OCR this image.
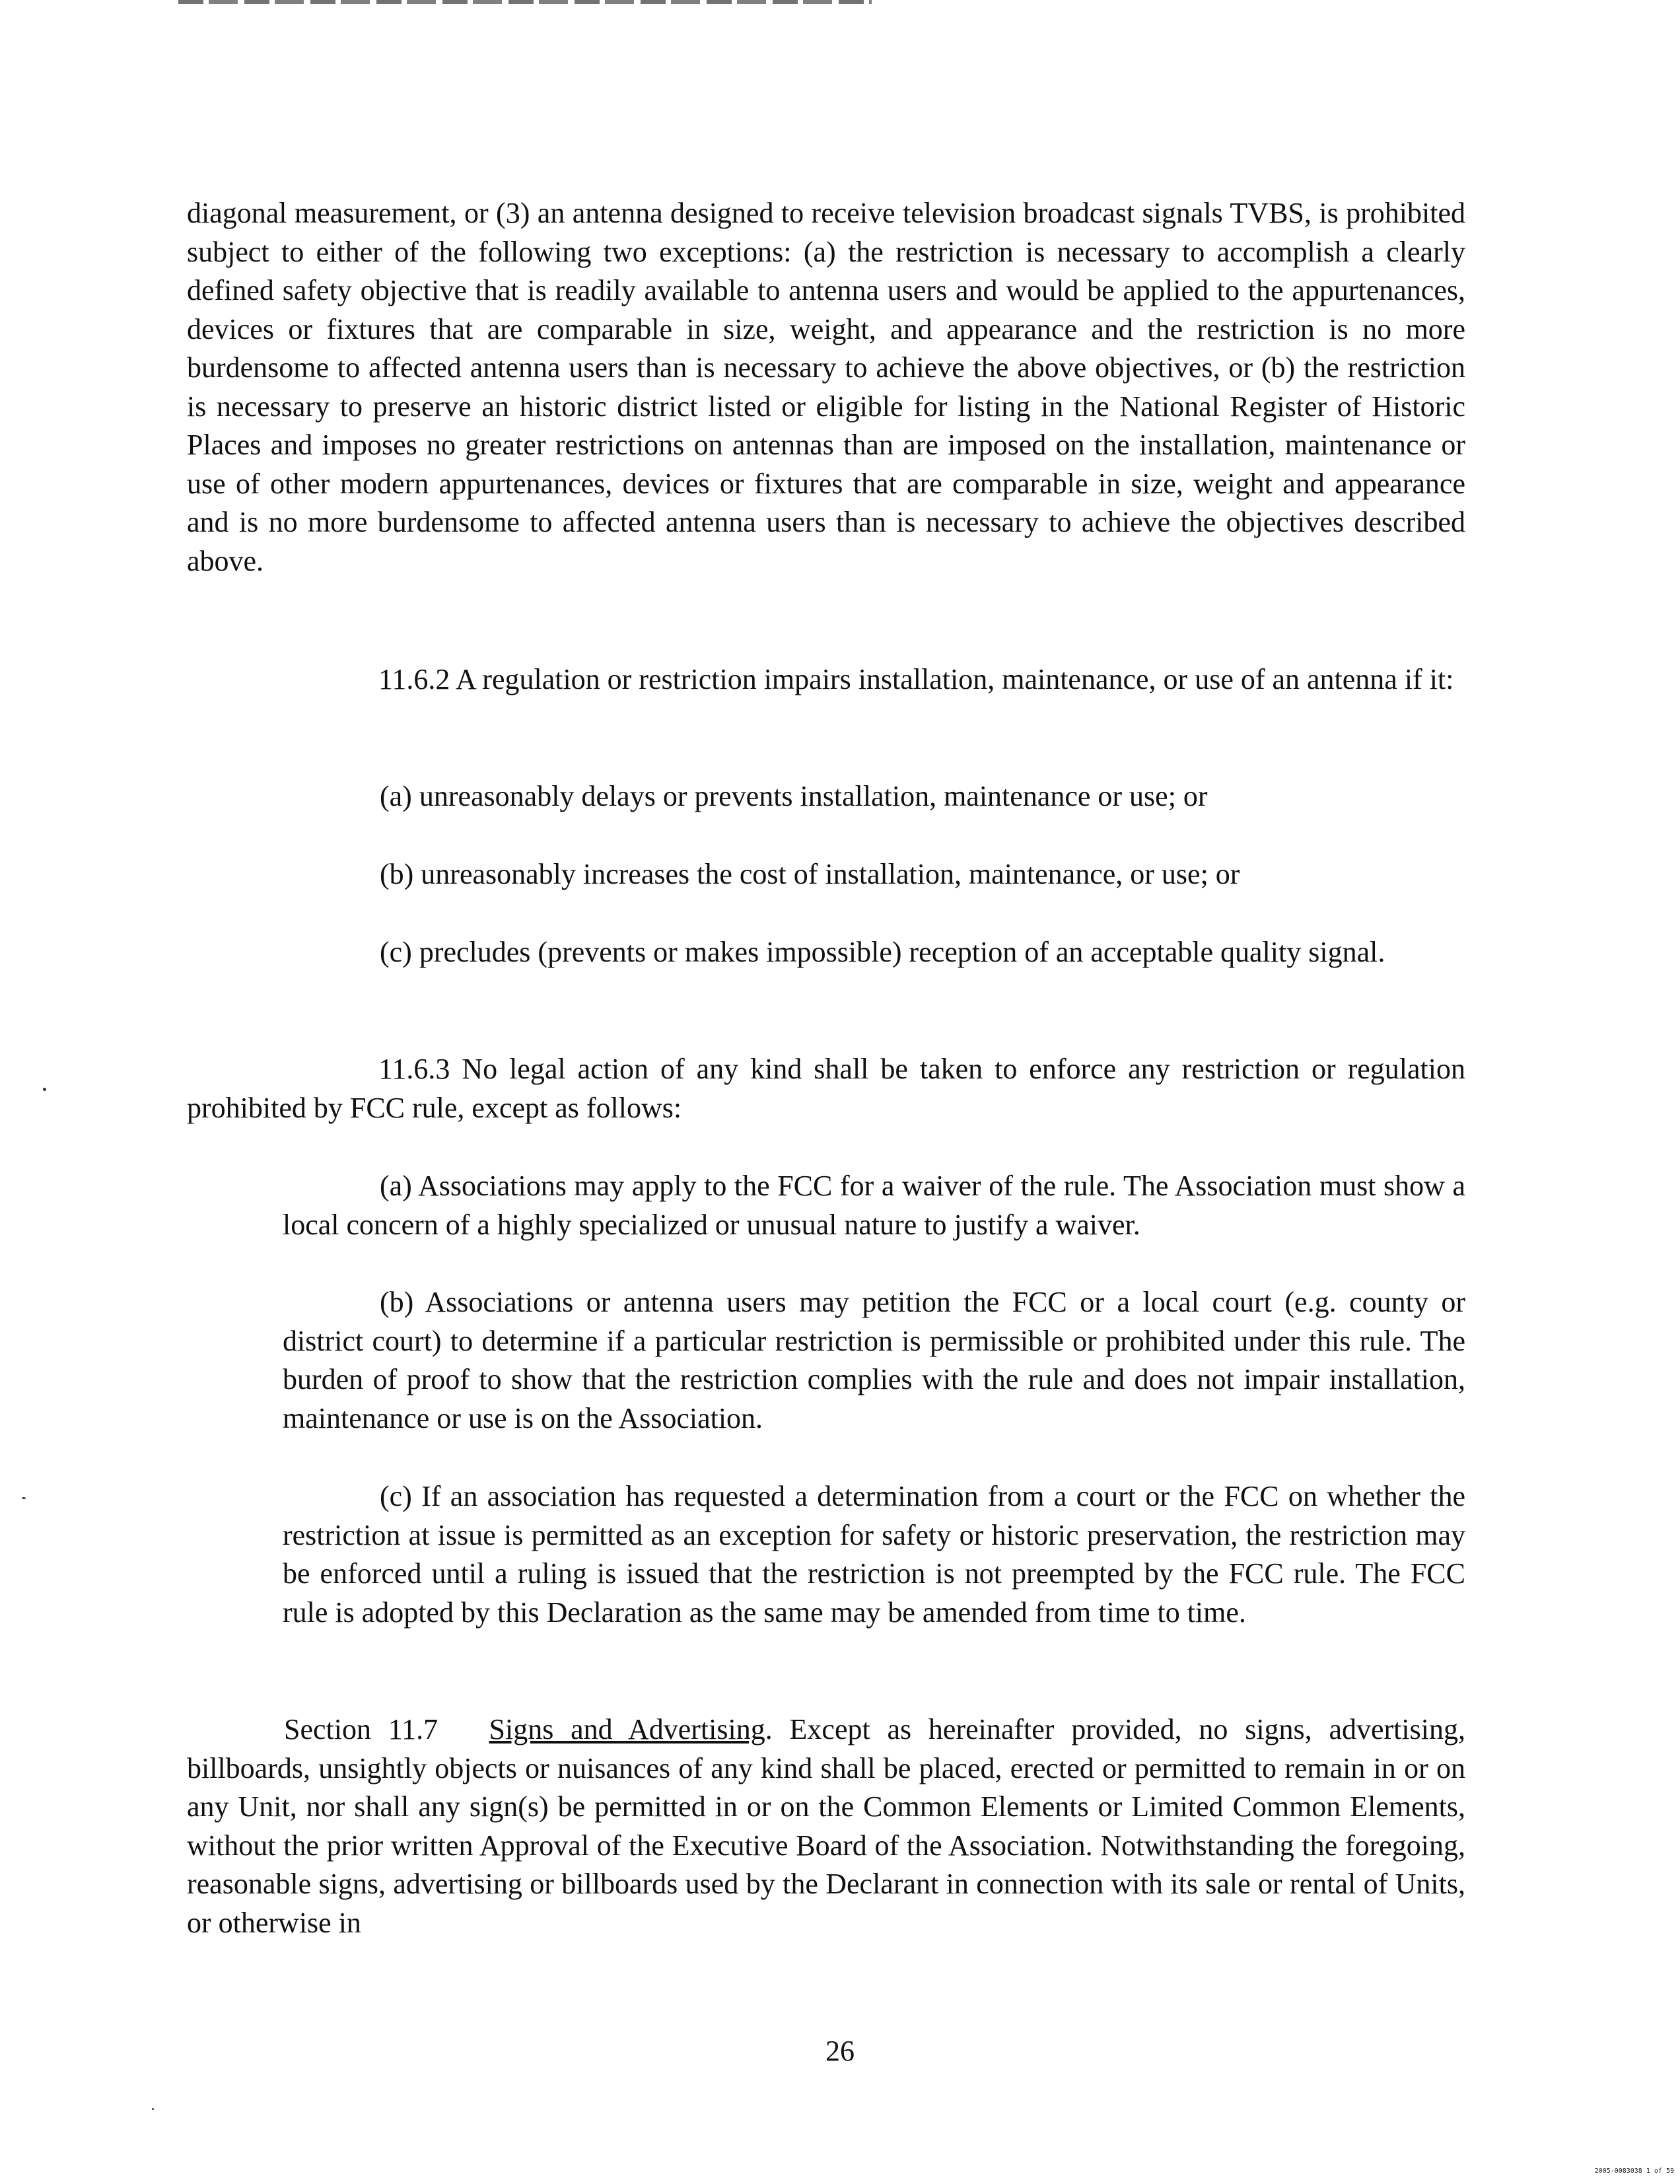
diagonal measurement, or (3) an antenna designed to receive television broadcast signals TVBS, is prohibited subject to either of the following two exceptions: (a) the restriction is necessary to accomplish a clearly defined safety objective that is readily available to antenna users and would be applied to the appurtenances, devices or fixtures that are comparable in size, weight, and appearance and the restriction is no more burdensome to affected antenna users than is necessary to achieve the above objectives, or (b) the restriction is necessary to preserve an historic district listed or eligible for listing in the National Register of Historic Places and imposes no greater restrictions on antennas than are imposed on the installation, maintenance or use of other modern appurtenances, devices or fixtures that are comparable in size, weight and appearance and is no more burdensome to affected antenna users than is necessary to achieve the objectives described above.

11.6.2 A regulation or restriction impairs installation, maintenance, or use of an antenna if it:

(a) unreasonably delays or prevents installation, maintenance or use; or

(b) unreasonably increases the cost of installation, maintenance, or use; or

(c) precludes (prevents or makes impossible) reception of an acceptable quality signal.

11.6.3 No legal action of any kind shall be taken to enforce any restriction or regulation prohibited by FCC rule, except as follows:

(a) Associations may apply to the FCC for a waiver of the rule. The Association must show a local concern of a highly specialized or unusual nature to justify a waiver.

(b) Associations or antenna users may petition the FCC or a local court (e.g. county or district court) to determine if a particular restriction is permissible or prohibited under this rule. The burden of proof to show that the restriction complies with the rule and does not impair installation, maintenance or use is on the Association.

(c) If an association has requested a determination from a court or the FCC on whether the restriction at issue is permitted as an exception for safety or historic preservation, the restriction may be enforced until a ruling is issued that the restriction is not preempted by the FCC rule. The FCC rule is adopted by this Declaration as the same may be amended from time to time.

Section 11.7 Signs and Advertising. Except as hereinafter provided, no signs, advertising, billboards, unsightly objects or nuisances of any kind shall be placed, erected or permitted to remain in or on any Unit, nor shall any sign(s) be permitted in or on the Common Elements or Limited Common Elements, without the prior written Approval of the Executive Board of the Association. Notwithstanding the foregoing, reasonable signs, advertising or billboards used by the Declarant in connection with its sale or rental of Units, or otherwise in

26
2005-0083038 1 of 59
